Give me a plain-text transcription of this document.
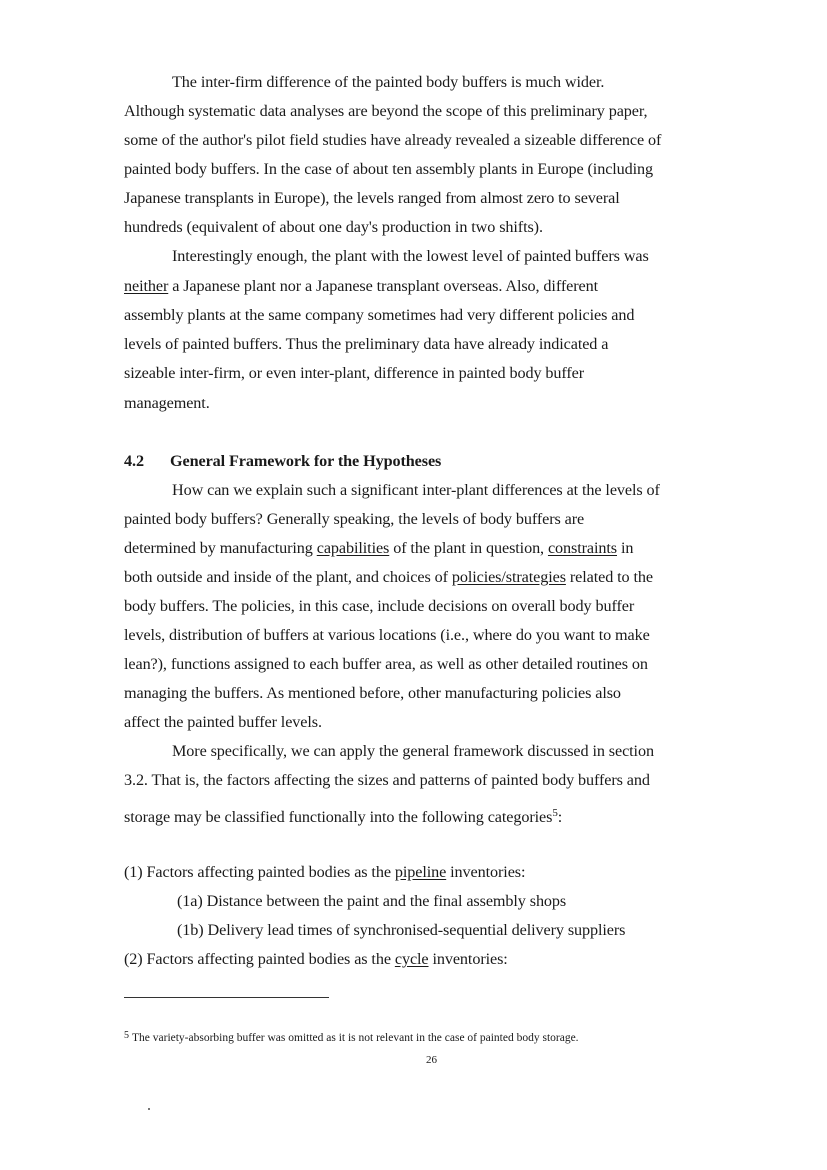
The inter-firm difference of the painted body buffers is much wider.
Although systematic data analyses are beyond the scope of this preliminary paper,
some of the author's pilot field studies have already revealed a sizeable difference of
painted body buffers. In the case of about ten assembly plants in Europe (including
Japanese transplants in Europe), the levels ranged from almost zero to several
hundreds (equivalent of about one day's production in two shifts).
Interestingly enough, the plant with the lowest level of painted buffers was
neither a Japanese plant nor a Japanese transplant overseas. Also, different
assembly plants at the same company sometimes had very different policies and
levels of painted buffers. Thus the preliminary data have already indicated a
sizeable inter-firm, or even inter-plant, difference in painted body buffer
management.
4.2 General Framework for the Hypotheses
How can we explain such a significant inter-plant differences at the levels of
painted body buffers? Generally speaking, the levels of body buffers are
determined by manufacturing capabilities of the plant in question, constraints in
both outside and inside of the plant, and choices of policies/strategies related to the
body buffers. The policies, in this case, include decisions on overall body buffer
levels, distribution of buffers at various locations (i.e., where do you want to make
lean?), functions assigned to each buffer area, as well as other detailed routines on
managing the buffers. As mentioned before, other manufacturing policies also
affect the painted buffer levels.
More specifically, we can apply the general framework discussed in section
3.2. That is, the factors affecting the sizes and patterns of painted body buffers and
storage may be classified functionally into the following categories$^5$:
(1) Factors affecting painted bodies as the pipeline inventories:
(1a) Distance between the paint and the final assembly shops
(1b) Delivery lead times of synchronised-sequential delivery suppliers
(2) Factors affecting painted bodies as the cycle inventories:
$^5$ The variety-absorbing buffer was omitted as it is not relevant in the case of painted body storage.
26
